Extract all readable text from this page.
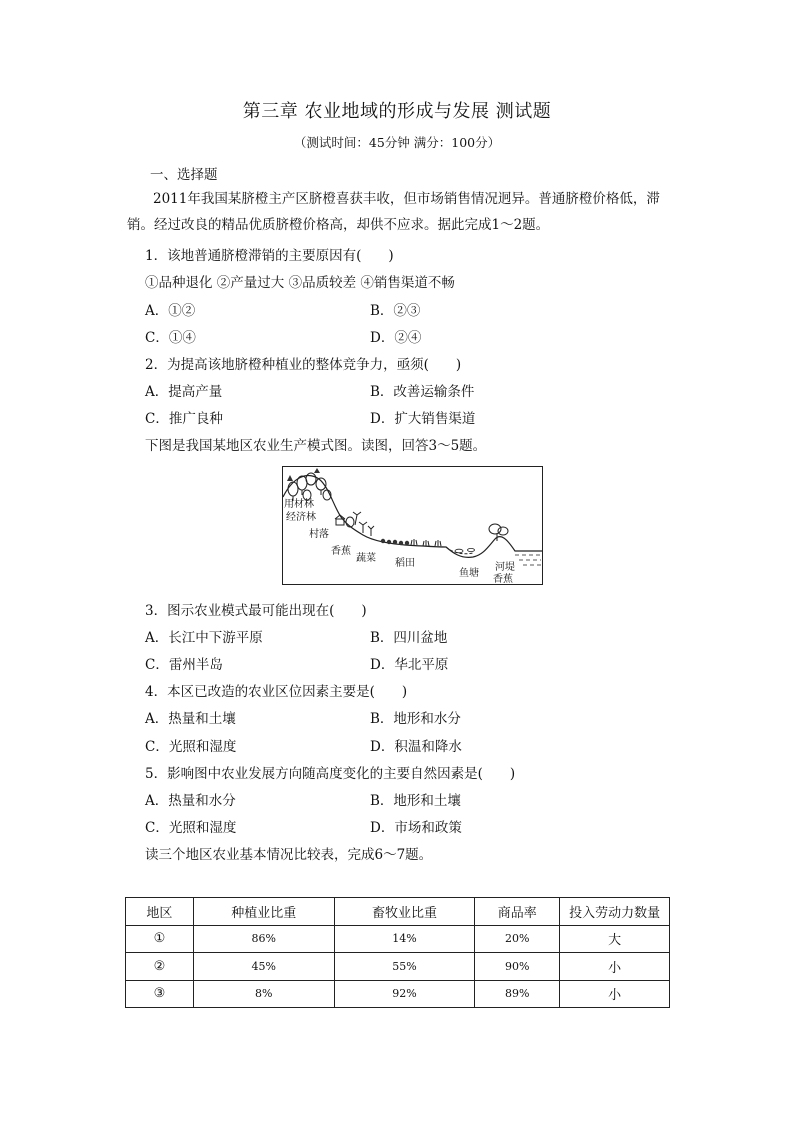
第三章 农业地域的形成与发展 测试题
（测试时间：45分钟 满分：100分）
一、选择题
2011年我国某脐橙主产区脐橙喜获丰收，但市场销售情况迥异。普通脐橙价格低，滞销。经过改良的精品优质脐橙价格高，却供不应求。据此完成1～2题。
1．该地普通脐橙滞销的主要原因有(　　)
①品种退化 ②产量过大 ③品质较差 ④销售渠道不畅
A．①②	B．②③
C．①④	D．②④
2．为提高该地脐橙种植业的整体竞争力，亟须(　　)
A．提高产量	B．改善运输条件
C．推广良种	D．扩大销售渠道
下图是我国某地区农业生产模式图。读图，回答3～5题。
用材林
经济林
村落
香蕉
蔬菜 稻田
鱼塘
河堤
香蕉
3．图示农业模式最可能出现在(　　)
A．长江中下游平原	B．四川盆地
C．雷州半岛	D．华北平原
4．本区已改造的农业区位因素主要是(　　)
A．热量和土壤	B．地形和水分
C．光照和湿度	D．积温和降水
5．影响图中农业发展方向随高度变化的主要自然因素是(　　)
A．热量和水分	B．地形和土壤
C．光照和湿度	D．市场和政策
读三个地区农业基本情况比较表，完成6～7题。
地区	种植业比重	畜牧业比重	商品率	投入劳动力数量
①	86%	14%	20%	大
②	45%	55%	90%	小
③	8%	92%	89%	小
